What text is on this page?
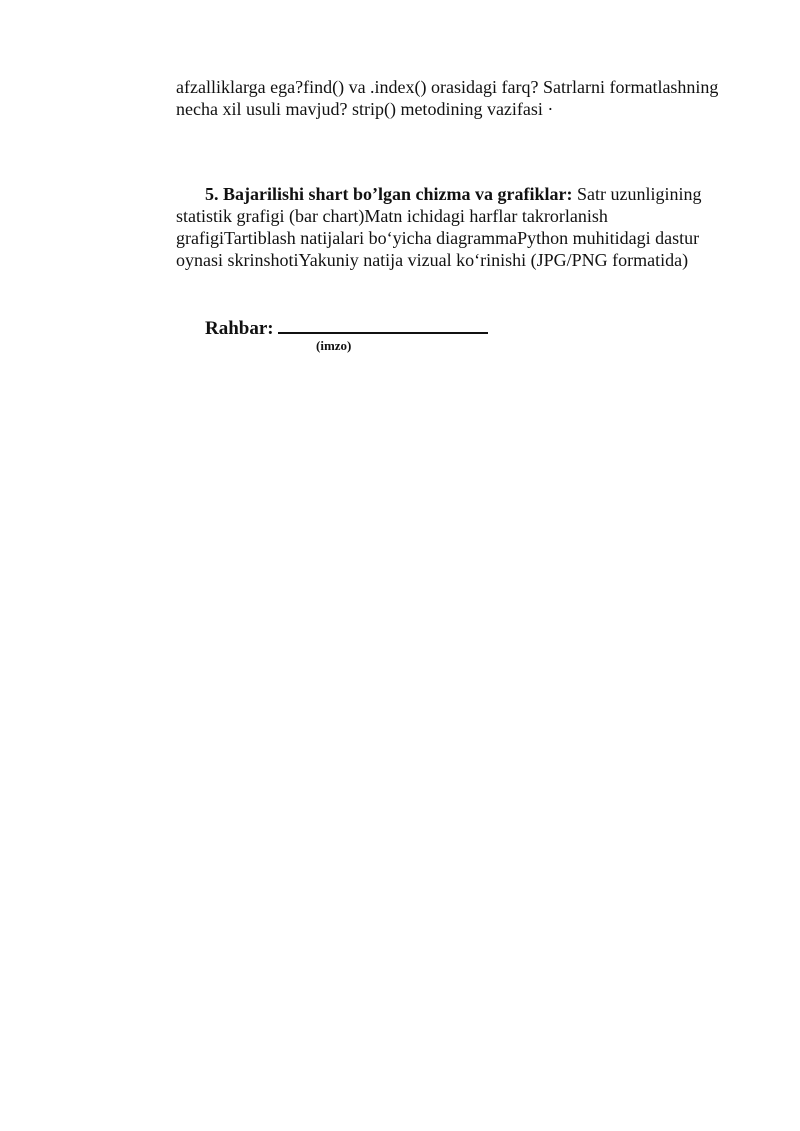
afzalliklarga ega?find() va .index() orasidagi farq? Satrlarni formatlashning necha xil usuli mavjud? strip() metodining vazifasi ·

5. Bajarilishi shart bo’lgan chizma va grafiklar: Satr uzunligining statistik grafigi (bar chart)Matn ichidagi harflar takrorlanish grafigiTartiblash natijalari bo‘yicha diagrammaPython muhitidagi dastur oynasi skrinshotiYakuniy natija vizual ko‘rinishi (JPG/PNG formatida)

Rahbar:
(imzo)
